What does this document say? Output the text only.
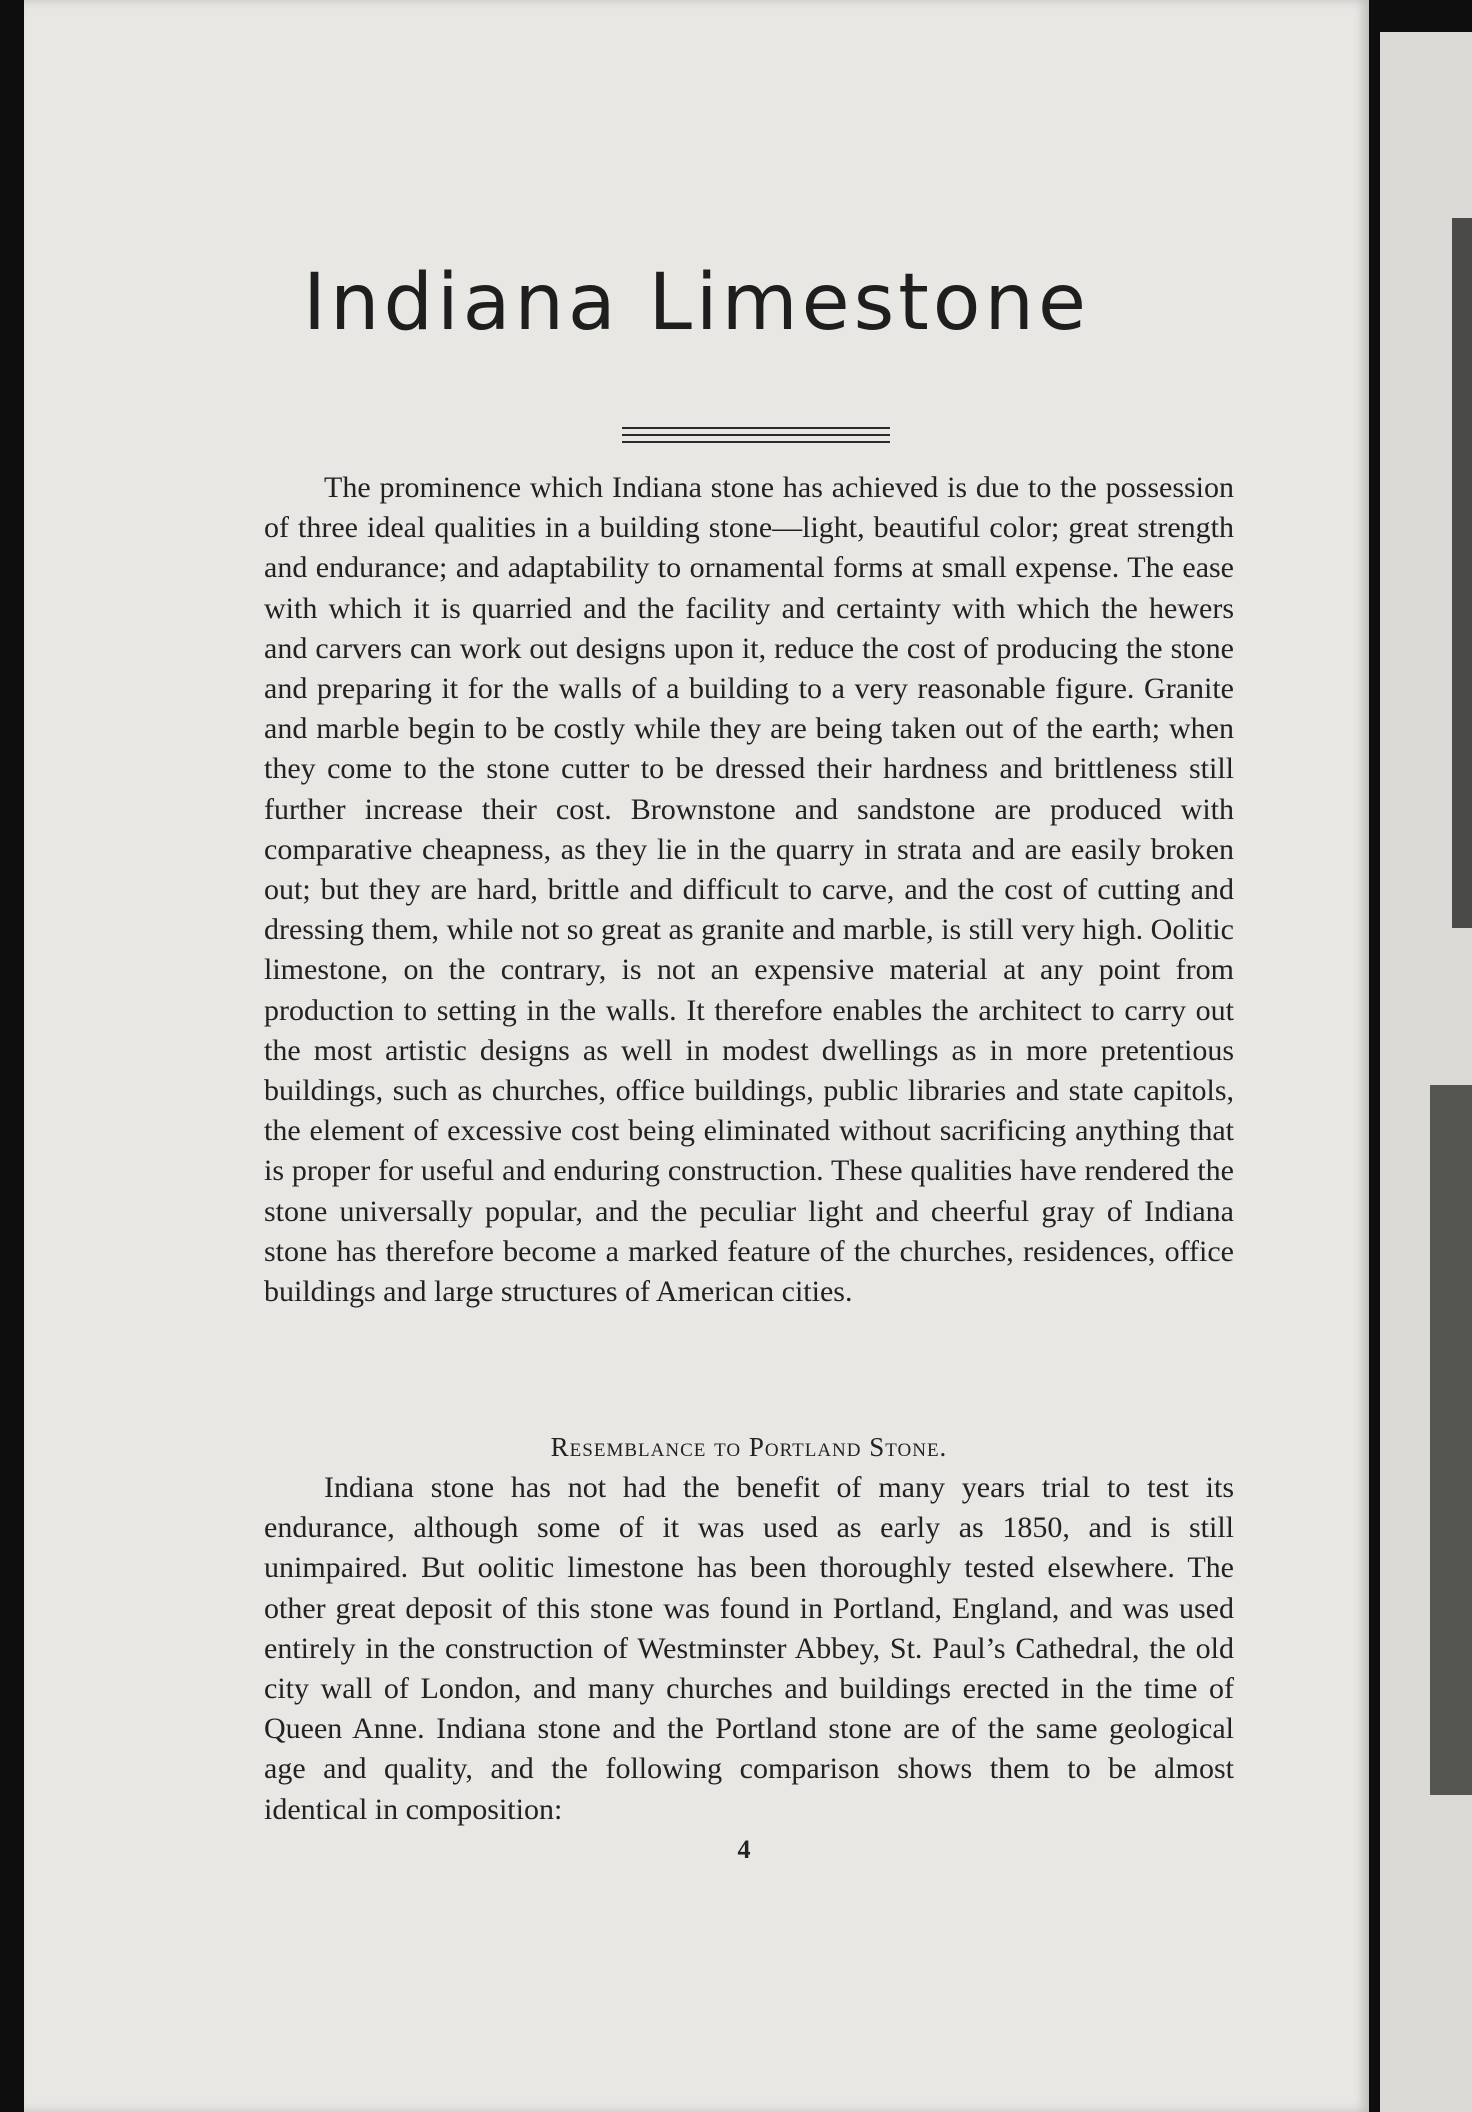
Indiana Limestone

The prominence which Indiana stone has achieved is due to the possession of three ideal qualities in a building stone—light, beautiful color; great strength and endurance; and adaptability to ornamental forms at small expense. The ease with which it is quarried and the facility and certainty with which the hewers and carvers can work out designs upon it, reduce the cost of producing the stone and preparing it for the walls of a building to a very reasonable figure. Granite and marble begin to be costly while they are being taken out of the earth; when they come to the stone cutter to be dressed their hardness and brittleness still further increase their cost. Brownstone and sandstone are produced with comparative cheapness, as they lie in the quarry in strata and are easily broken out; but they are hard, brittle and difficult to carve, and the cost of cutting and dressing them, while not so great as granite and marble, is still very high. Oolitic limestone, on the contrary, is not an expensive material at any point from production to setting in the walls. It therefore enables the architect to carry out the most artistic designs as well in modest dwellings as in more pretentious buildings, such as churches, office buildings, public libraries and state capitols, the element of excessive cost being eliminated without sacrificing anything that is proper for useful and enduring construction. These qualities have rendered the stone universally popular, and the peculiar light and cheerful gray of Indiana stone has therefore become a marked feature of the churches, residences, office buildings and large structures of American cities.

Resemblance to Portland Stone.

Indiana stone has not had the benefit of many years trial to test its endurance, although some of it was used as early as 1850, and is still unimpaired. But oolitic limestone has been thoroughly tested elsewhere. The other great deposit of this stone was found in Portland, England, and was used entirely in the construction of Westminster Abbey, St. Paul’s Cathedral, the old city wall of London, and many churches and buildings erected in the time of Queen Anne. Indiana stone and the Portland stone are of the same geological age and quality, and the following comparison shows them to be almost identical in composition:

4
